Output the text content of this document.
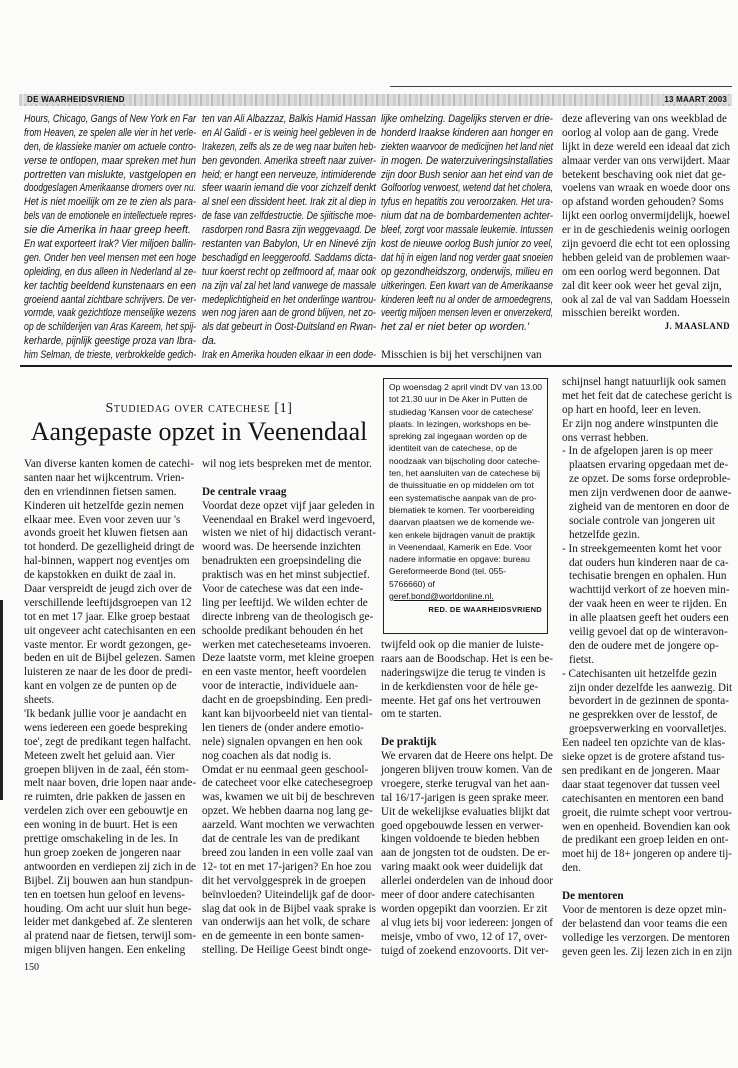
DE WAARHEIDSVRIEND	13 MAART 2003
Hours, Chicago, Gangs of New York en Far
from Heaven, ze spelen alle vier in het verle-
den, de klassieke manier om actuele contro-
verse te ontlopen, maar spreken met hun
portretten van mislukte, vastgelopen en
doodgeslagen Amerikaanse dromers over nu.
Het is niet moeilijk om ze te zien als para-
bels van de emotionele en intellectuele repres-
sie die Amerika in haar greep heeft.
En wat exporteert Irak? Vier miljoen ballin-
gen. Onder hen veel mensen met een hoge
opleiding, en dus alleen in Nederland al ze-
ker tachtig beeldend kunstenaars en een
groeiend aantal zichtbare schrijvers. De ver-
vormde, vaak gezichtloze menselijke wezens
op de schilderijen van Aras Kareem, het spij-
kerharde, pijnlijk geestige proza van Ibra-
him Selman, de trieste, verbrokkelde gedich-
ten van Ali Albazzaz, Balkis Hamid Hassan
en Al Galidi - er is weinig heel gebleven in de
Irakezen, zelfs als ze de weg naar buiten heb-
ben gevonden. Amerika streeft naar zuiver-
heid; er hangt een nerveuze, intimiderende
sfeer waarin iemand die voor zichzelf denkt
al snel een dissident heet. Irak zit al diep in
de fase van zelfdestructie. De sjiitische moe-
rasdorpen rond Basra zijn weggevaagd. De
restanten van Babylon, Ur en Ninevé zijn
beschadigd en leeggeroofd. Saddams dicta-
tuur koerst recht op zelfmoord af, maar ook
na zijn val zal het land vanwege de massale
medeplichtigheid en het onderlinge wantrou-
wen nog jaren aan de grond blijven, net zo-
als dat gebeurt in Oost-Duitsland en Rwan-
da.
Irak en Amerika houden elkaar in een dode-
lijke omhelzing. Dagelijks sterven er drie-
honderd Iraakse kinderen aan honger en
ziekten waarvoor de medicijnen het land niet
in mogen. De waterzuiveringsinstallaties
zijn door Bush senior aan het eind van de
Golfoorlog verwoest, wetend dat het cholera,
tyfus en hepatitis zou veroorzaken. Het ura-
nium dat na de bombardementen achter-
bleef, zorgt voor massale leukemie. Intussen
kost de nieuwe oorlog Bush junior zo veel,
dat hij in eigen land nog verder gaat snoeien
op gezondheidszorg, onderwijs, milieu en
uitkeringen. Een kwart van de Amerikaanse
kinderen leeft nu al onder de armoedegrens,
veertig miljoen mensen leven er onverzekerd,
het zal er niet beter op worden.'
Misschien is bij het verschijnen van
deze aflevering van ons weekblad de
oorlog al volop aan de gang. Vrede
lijkt in deze wereld een ideaal dat zich
almaar verder van ons verwijdert. Maar
betekent beschaving ook niet dat ge-
voelens van wraak en woede door ons
op afstand worden gehouden? Soms
lijkt een oorlog onvermijdelijk, hoewel
er in de geschiedenis weinig oorlogen
zijn gevoerd die echt tot een oplossing
hebben geleid van de problemen waar-
om een oorlog werd begonnen. Dat
zal dit keer ook weer het geval zijn,
ook al zal de val van Saddam Hoessein
misschien bereikt worden.
J. MAASLAND
Studiedag over catechese [1]
Aangepaste opzet in Veenendaal
Van diverse kanten komen de catechi-
santen naar het wijkcentrum. Vrien-
den en vriendinnen fietsen samen.
Kinderen uit hetzelfde gezin nemen
elkaar mee. Even voor zeven uur 's
avonds groeit het kluwen fietsen aan
tot honderd. De gezelligheid dringt de
hal-binnen, wappert nog eventjes om
de kapstokken en duikt de zaal in.
Daar verspreidt de jeugd zich over de
verschillende leeftijdsgroepen van 12
tot en met 17 jaar. Elke groep bestaat
uit ongeveer acht catechisanten en een
vaste mentor. Er wordt gezongen, ge-
beden en uit de Bijbel gelezen. Samen
luisteren ze naar de les door de predi-
kant en volgen ze de punten op de
sheets.
'Ik bedank jullie voor je aandacht en
wens iedereen een goede bespreking
toe', zegt de predikant tegen halfacht.
Meteen zwelt het geluid aan. Vier
groepen blijven in de zaal, één stom-
melt naar boven, drie lopen naar ande-
re ruimten, drie pakken de jassen en
verdelen zich over een gebouwtje en
een woning in de buurt. Het is een
prettige omschakeling in de les. In
hun groep zoeken de jongeren naar
antwoorden en verdiepen zij zich in de
Bijbel. Zij bouwen aan hun standpun-
ten en toetsen hun geloof en levens-
houding. Om acht uur sluit hun bege-
leider met dankgebed af. Ze slenteren
al pratend naar de fietsen, terwijl som-
migen blijven hangen. Een enkeling
wil nog iets bespreken met de mentor.
De centrale vraag
Voordat deze opzet vijf jaar geleden in
Veenendaal en Brakel werd ingevoerd,
wisten we niet of hij didactisch verant-
woord was. De heersende inzichten
benadrukten een groepsindeling die
praktisch was en het minst subjectief.
Voor de catechese was dat een inde-
ling per leeftijd. We wilden echter de
directe inbreng van de theologisch ge-
schoolde predikant behouden én het
werken met catecheseteams invoeren.
Deze laatste vorm, met kleine groepen
en een vaste mentor, heeft voordelen
voor de interactie, individuele aan-
dacht en de groepsbinding. Een predi-
kant kan bijvoorbeeld niet van tiental-
len tieners de (onder andere emotio-
nele) signalen opvangen en hen ook
nog coachen als dat nodig is.
Omdat er nu eenmaal geen geschool-
de catecheet voor elke catechesegroep
was, kwamen we uit bij de beschreven
opzet. We hebben daarna nog lang ge-
aarzeld. Want mochten we verwachten
dat de centrale les van de predikant
breed zou landen in een volle zaal van
12- tot en met 17-jarigen? En hoe zou
dit het vervolggesprek in de groepen
beïnvloeden? Uiteindelijk gaf de door-
slag dat ook in de Bijbel vaak sprake is
van onderwijs aan het volk, de schare
en de gemeente in een bonte samen-
stelling. De Heilige Geest bindt onge-
Op woensdag 2 april vindt DV van 13.00
tot 21.30 uur in De Aker in Putten de
studiedag 'Kansen voor de catechese'
plaats. In lezingen, workshops en be-
spreking zal ingegaan worden op de
identiteit van de catechese, op de
noodzaak van bijscholing door cateche-
ten, het aansluiten van de catechese bij
de thuissituatie en op middelen om tot
een systematische aanpak van de pro-
blematiek te komen. Ter voorbereiding
daarvan plaatsen we de komende we-
ken enkele bijdragen vanuit de praktijk
in Veenendaal, Kamerik en Ede. Voor
nadere informatie en opgave: bureau
Gereformeerde Bond (tel. 055-
5766660) of
geref.bond@worldonline.nl.
RED. DE WAARHEIDSVRIEND
twijfeld ook op die manier de luiste-
raars aan de Boodschap. Het is een be-
naderingswijze die terug te vinden is
in de kerkdiensten voor de héle ge-
meente. Het gaf ons het vertrouwen
om te starten.
De praktijk
We ervaren dat de Heere ons helpt. De
jongeren blijven trouw komen. Van de
vroegere, sterke terugval van het aan-
tal 16/17-jarigen is geen sprake meer.
Uit de wekelijkse evaluaties blijkt dat
goed opgebouwde lessen en verwer-
kingen voldoende te bieden hebben
aan de jongsten tot de oudsten. De er-
varing maakt ook weer duidelijk dat
allerlei onderdelen van de inhoud door
meer of door andere catechisanten
worden opgepikt dan voorzien. Er zit
al vlug iets bij voor iedereen: jongen of
meisje, vmbo of vwo, 12 of 17, over-
tuigd of zoekend enzovoorts. Dit ver-
schijnsel hangt natuurlijk ook samen
met het feit dat de catechese gericht is
op hart en hoofd, leer en leven.
Er zijn nog andere winstpunten die
ons verrast hebben.
- In de afgelopen jaren is op meer
plaatsen ervaring opgedaan met de-
ze opzet. De soms forse ordeproble-
men zijn verdwenen door de aanwe-
zigheid van de mentoren en door de
sociale controle van jongeren uit
hetzelfde gezin.
- In streekgemeenten komt het voor
dat ouders hun kinderen naar de ca-
techisatie brengen en ophalen. Hun
wachttijd verkort of ze hoeven min-
der vaak heen en weer te rijden. En
in alle plaatsen geeft het ouders een
veilig gevoel dat op de winteravon-
den de oudere met de jongere op-
fietst.
- Catechisanten uit hetzelfde gezin
zijn onder dezelfde les aanwezig. Dit
bevordert in de gezinnen de sponta-
ne gesprekken over de lesstof, de
groepsverwerking en voorvalletjes.
Een nadeel ten opzichte van de klas-
sieke opzet is de grotere afstand tus-
sen predikant en de jongeren. Maar
daar staat tegenover dat tussen veel
catechisanten en mentoren een band
groeit, die ruimte schept voor vertrou-
wen en openheid. Bovendien kan ook
de predikant een groep leiden en ont-
moet hij de 18+ jongeren op andere tij-
den.
De mentoren
Voor de mentoren is deze opzet min-
der belastend dan voor teams die een
volledige les verzorgen. De mentoren
geven geen les. Zij lezen zich in en zijn
150
